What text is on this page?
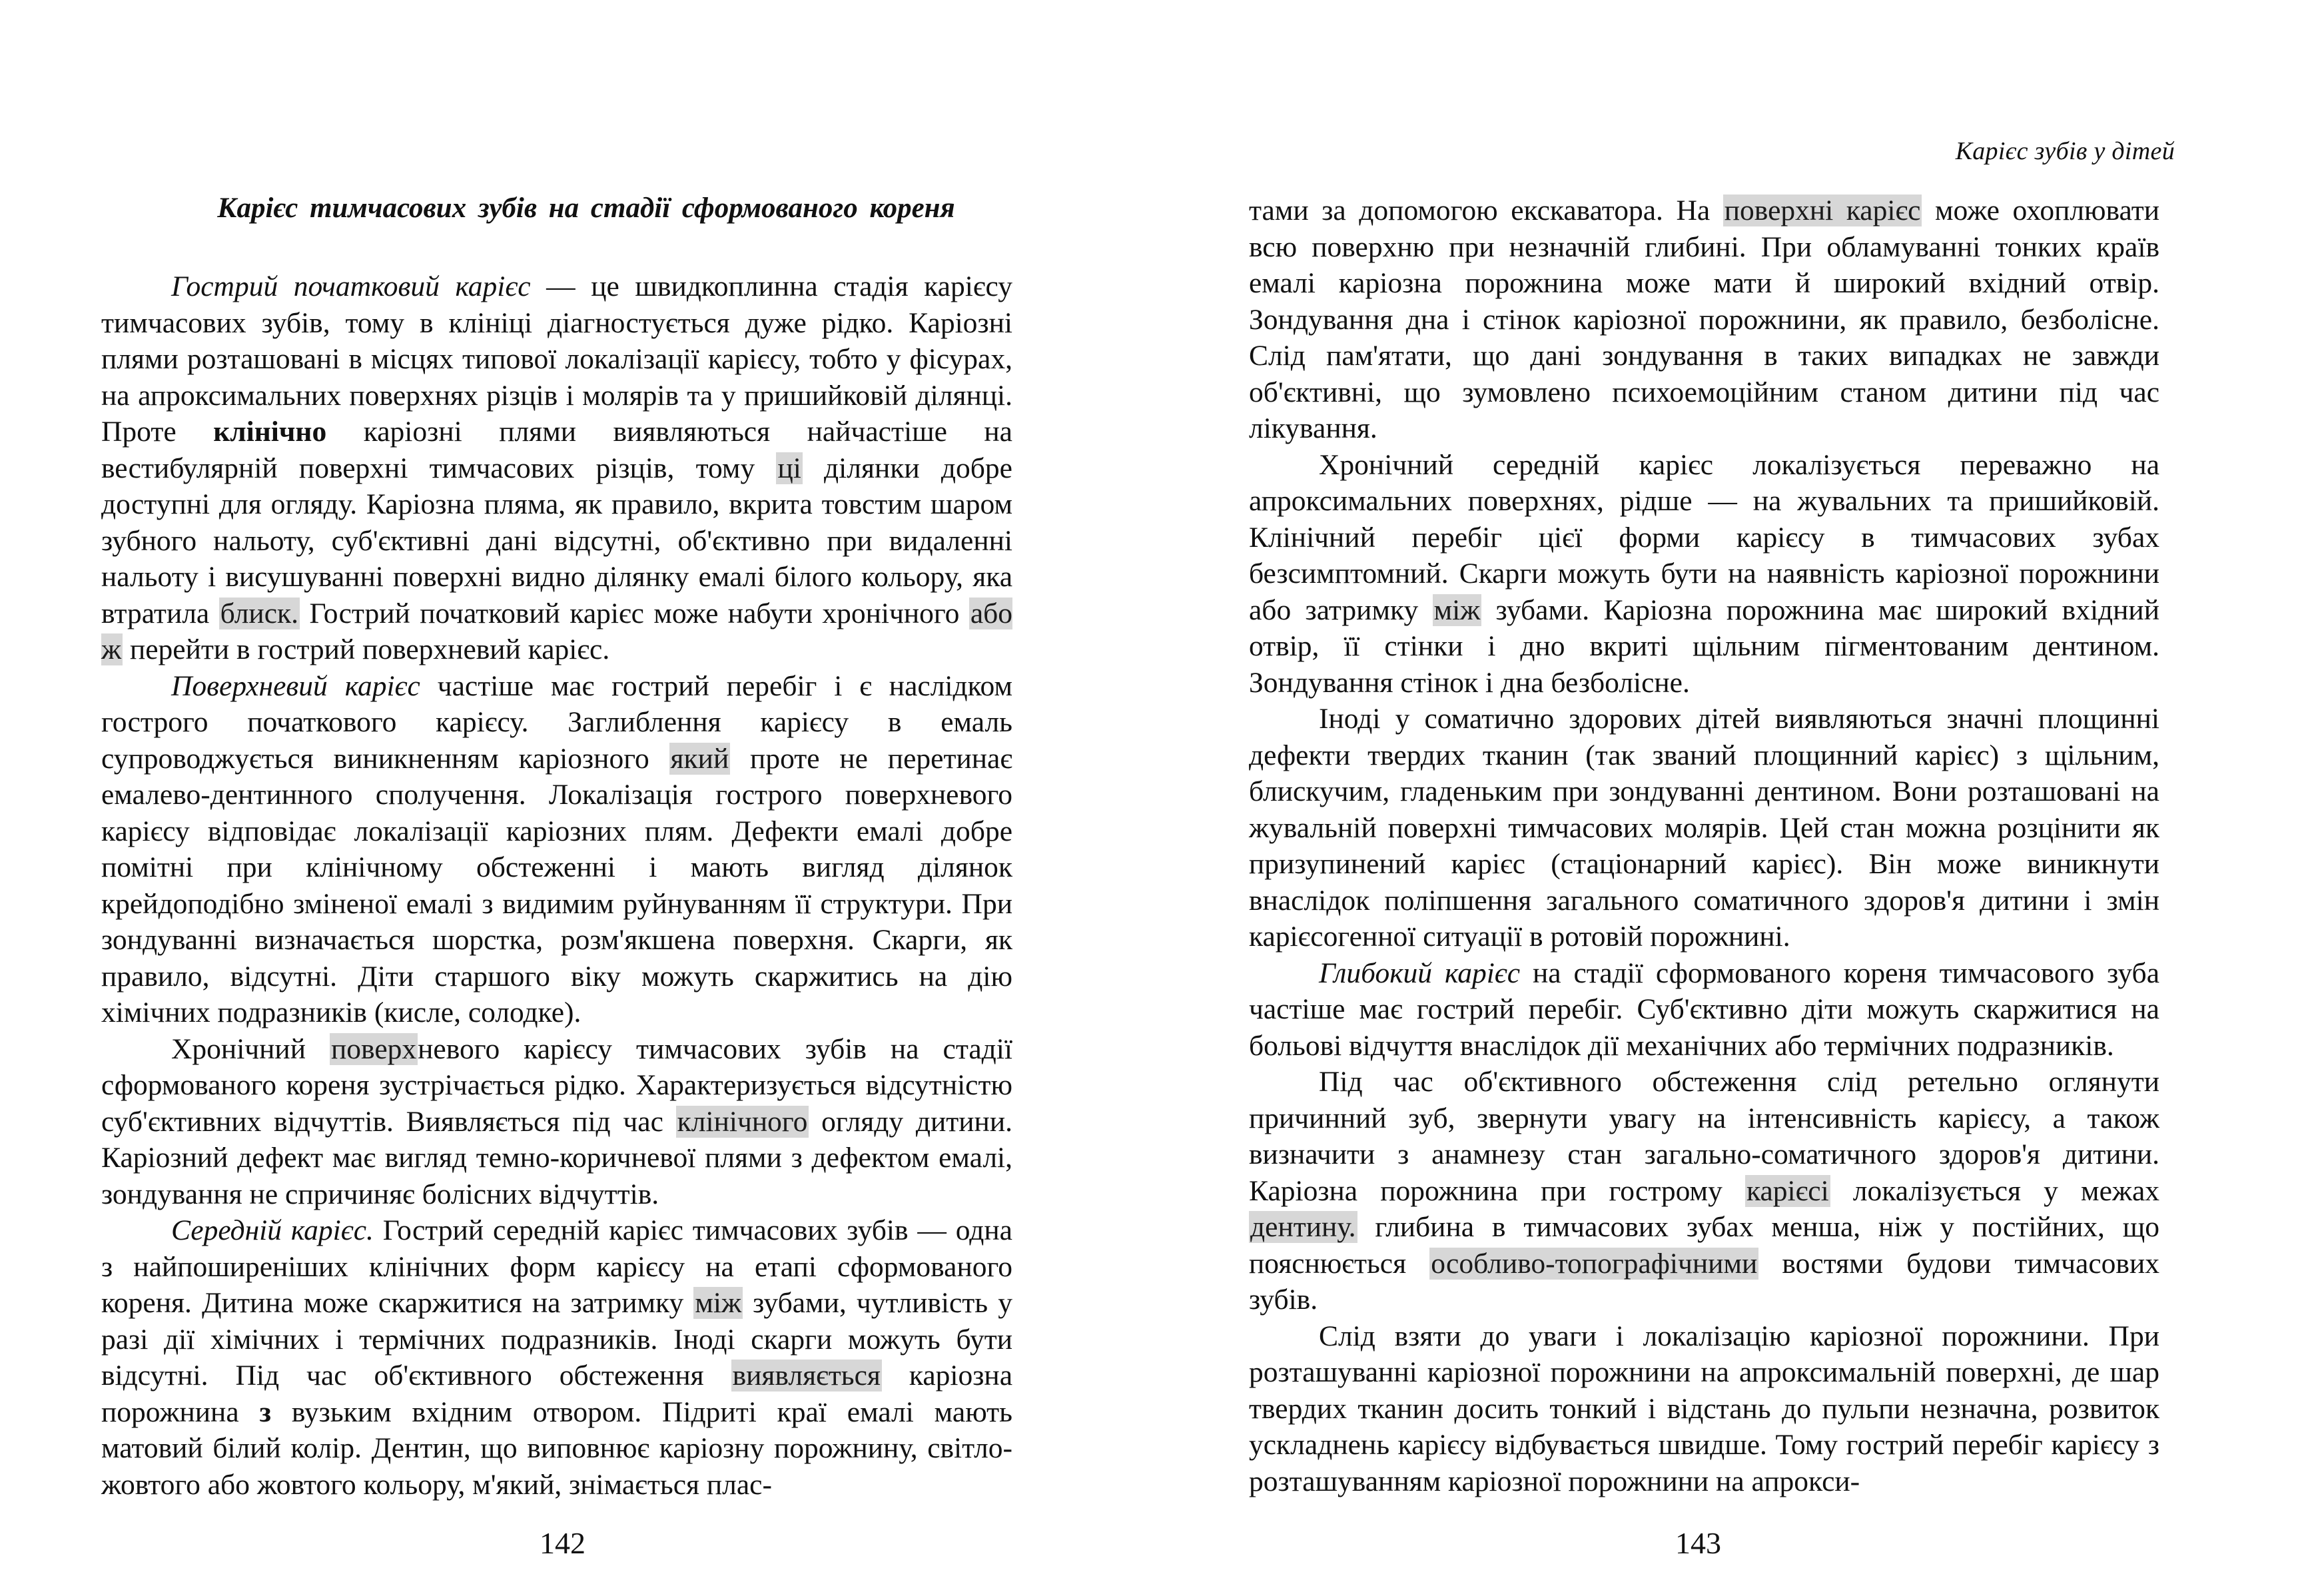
Карієс тимчасових зубів на стадії сформованого кореня

Гострий початковий карієс — це швидкоплинна стадія карієсу тимчасових зубів, тому в клініці діагностується дуже рідко. Каріозні плями розташовані в місцях типової локалізації карієсу, тобто у фісурах, на апроксимальних поверхнях різців і молярів та у пришийковій ділянці. Проте клінічно каріозні плями виявляються найчастіше на вестибулярній поверхні тимчасових різців, тому ці ділянки добре доступні для огляду. Каріозна пляма, як правило, вкрита товстим шаром зубного нальоту, суб'єктивні дані відсутні, об'єктивно при видаленні нальоту і висушуванні поверхні видно ділянку емалі білого кольору, яка втратила блиск. Гострий початковий карієс може набути хронічного або ж перейти в гострий поверхневий карієс.

Поверхневий карієс частіше має гострий перебіг і є наслідком гострого початкового карієсу. Заглиблення карієсу в емаль супроводжується виникненням каріозного який проте не перетинає емалево-дентинного сполучення. Локалізація гострого поверхневого карієсу відповідає локалізації каріозних плям. Дефекти емалі добре помітні при клінічному обстеженні і мають вигляд ділянок крейдоподібно зміненої емалі з видимим руйнуванням її структури. При зондуванні визначається шорстка, розм'якшена поверхня. Скарги, як правило, відсутні. Діти старшого віку можуть скаржитись на дію хімічних подразників (кисле, солодке).

Хронічний поверхневого карієсу тимчасових зубів на стадії сформованого кореня зустрічається рідко. Характеризується відсутністю суб'єктивних відчуттів. Виявляється під час клінічного огляду дитини. Каріозний дефект має вигляд темно-коричневої плями з дефектом емалі, зондування не спричиняє болісних відчуттів.

Середній карієс. Гострий середній карієс тимчасових зубів — одна з найпоширеніших клінічних форм карієсу на етапі сформованого кореня. Дитина може скаржитися на затримку між зубами, чутливість у разі дії хімічних і термічних подразників. Іноді скарги можуть бути відсутні. Під час об'єктивного обстеження виявляється каріозна порожнина з вузьким вхідним отвором. Підриті краї емалі мають матовий білий колір. Дентин, що виповнює каріозну порожнину, світло-жовтого або жовтого кольору, м'який, знімається плас-

142
Карієс зубів у дітей

тами за допомогою екскаватора. На поверхні карієс може охоплювати всю поверхню при незначній глибині. При обламуванні тонких країв емалі каріозна порожнина може мати й широкий вхідний отвір. Зондування дна і стінок каріозної порожнини, як правило, безболісне. Слід пам'ятати, що дані зондування в таких випадках не завжди об'єктивні, що зумовлено психоемоційним станом дитини під час лікування.

Хронічний середній карієс локалізується переважно на апроксимальних поверхнях, рідше — на жувальних та пришийковій. Клінічний перебіг цієї форми карієсу в тимчасових зубах безсимптомний. Скарги можуть бути на наявність каріозної порожнини або затримку між зубами. Каріозна порожнина має широкий вхідний отвір, її стінки і дно вкриті щільним пігментованим дентином. Зондування стінок і дна безболісне.

Іноді у соматично здорових дітей виявляються значні площинні дефекти твердих тканин (так званий площинний карієс) з щільним, блискучим, гладеньким при зондуванні дентином. Вони розташовані на жувальній поверхні тимчасових молярів. Цей стан можна розцінити як призупинений карієс (стаціонарний карієс). Він може виникнути внаслідок поліпшення загального соматичного здоров'я дитини і змін карієсогенної ситуації в ротовій порожнині.

Глибокий карієс на стадії сформованого кореня тимчасового зуба частіше має гострий перебіг. Суб'єктивно діти можуть скаржитися на больові відчуття внаслідок дії механічних або термічних подразників.

Під час об'єктивного обстеження слід ретельно оглянути причинний зуб, звернути увагу на інтенсивність карієсу, а також визначити з анамнезу стан загально-соматичного здоров'я дитини. Каріозна порожнина при гострому карієсі локалізується у межах дентину. глибина в тимчасових зубах менша, ніж у постійних, що пояснюється особливо-топографічними востями будови тимчасових зубів.

Слід взяти до уваги і локалізацію каріозної порожнини. При розташуванні каріозної порожнини на апроксимальній поверхні, де шар твердих тканин досить тонкий і відстань до пульпи незначна, розвиток ускладнень карієсу відбувається швидше. Тому гострий перебіг карієсу з розташуванням каріозної порожнини на апрокси-

143
